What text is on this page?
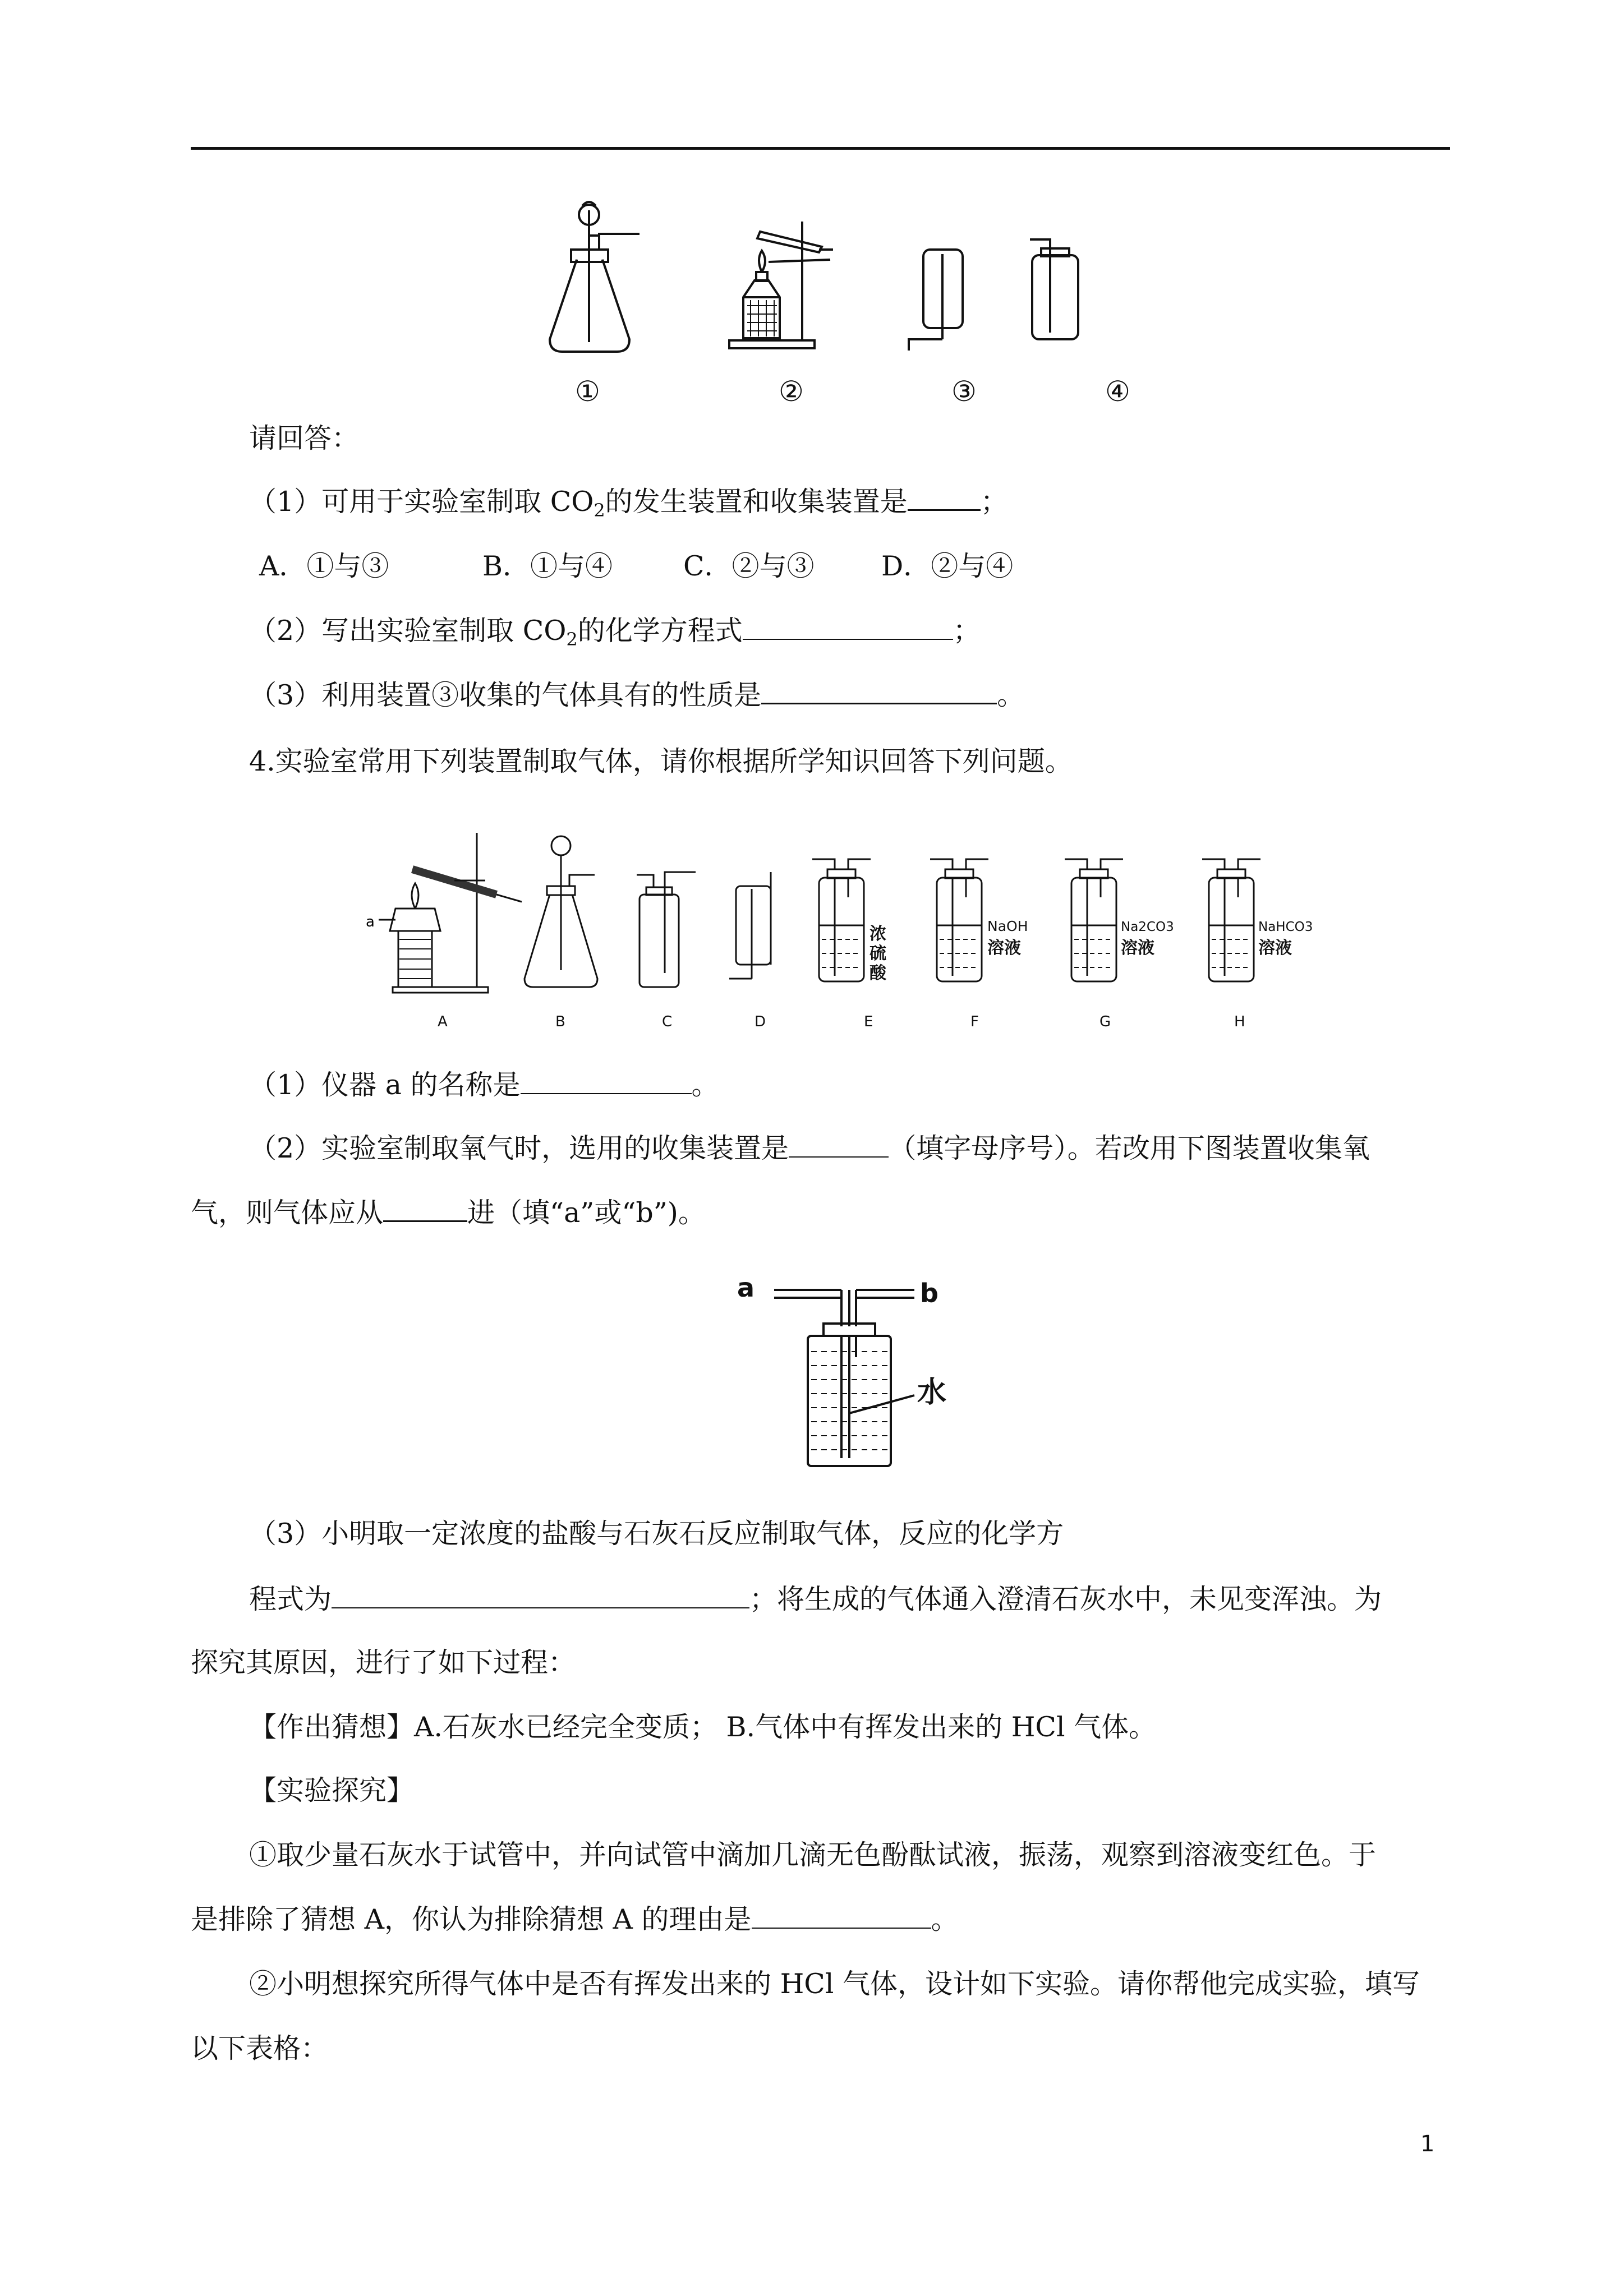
①	②	③	④
请回答：
（1）可用于实验室制取 $CO_2$的发生装置和收集装置是	；
A．①与③	B．①与④	C．②与③ D．②与④
（2）写出实验室制取 $CO_2$的化学方程式	；
（3）利用装置③收集的气体具有的性质是	。
4.实验室常用下列装置制取气体，请你根据所学知识回答下列问题。
a
浓
硫
酸
NaOH
溶液
Na2CO3
溶液
NaHCO3
溶液
A	B	C	D	E	F	G	H
（1）仪器 a 的名称是	。
（2）实验室制取氧气时，选用的收集装置是	（填字母序号）。若改用下图装置收集氧
气，则气体应从	进（填“a”或“b”)。
a	b
水
（3）小明取一定浓度的盐酸与石灰石反应制取气体，反应的化学方
程式为	；将生成的气体通入澄清石灰水中，未见变浑浊。为
探究其原因，进行了如下过程：
【作出猜想】A.石灰水已经完全变质； B.气体中有挥发出来的 HCl 气体。
【实验探究】
①取少量石灰水于试管中，并向试管中滴加几滴无色酚酞试液，振荡，观察到溶液变红色。于
是排除了猜想 A，你认为排除猜想 A 的理由是	。
②小明想探究所得气体中是否有挥发出来的 HCl 气体，设计如下实验。请你帮他完成实验，填写
以下表格：
1
